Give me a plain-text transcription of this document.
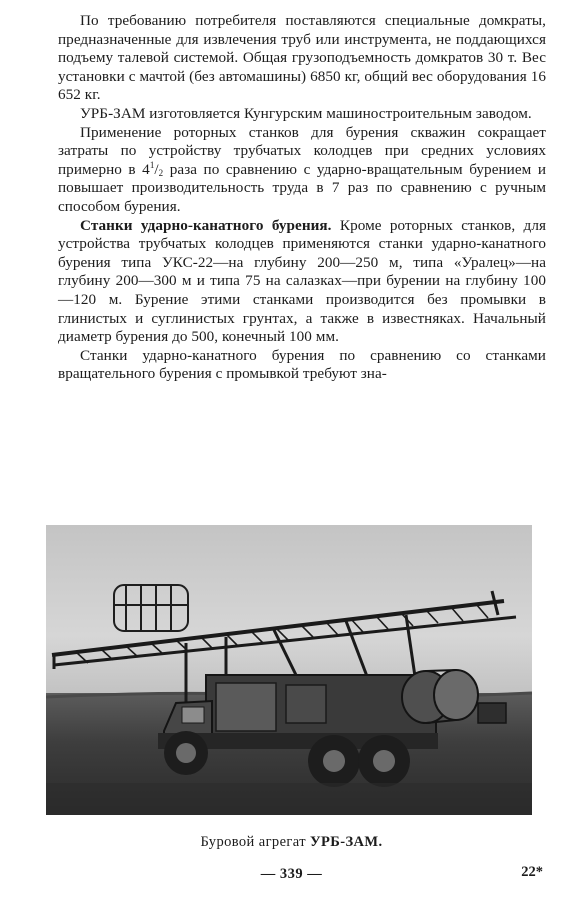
По требованию потребителя поставляются специальные домкраты, предназначенные для извлечения труб или инструмента, не поддающихся подъему талевой системой. Общая грузоподъемность домкратов 30 т. Вес установки с мачтой (без автомашины) 6850 кг, общий вес оборудования 16 652 кг.

УРБ-ЗАМ изготовляется Кунгурским машиностроительным заводом.

Применение роторных станков для бурения скважин сокращает затраты по устройству трубчатых колодцев при средних условиях примерно в $4^1/_2$ раза по сравнению с ударно-вращательным бурением и повышает производительность труда в 7 раз по сравнению с ручным способом бурения.

Станки ударно-канатного бурения. Кроме роторных станков, для устройства трубчатых колодцев применяются станки ударно-канатного бурения типа УКС-22—на глубину 200—250 м, типа «Уралец»—на глубину 200—300 м и типа 75 на салазках—при бурении на глубину 100—120 м. Бурение этими станками производится без промывки в глинистых и суглинистых грунтах, а также в известняках. Начальный диаметр бурения до 500, конечный 100 мм.

Станки ударно-канатного бурения по сравнению со станками вращательного бурения с промывкой требуют зна-

Буровой агрегат УРБ-ЗАМ.
— 339 —	22*
